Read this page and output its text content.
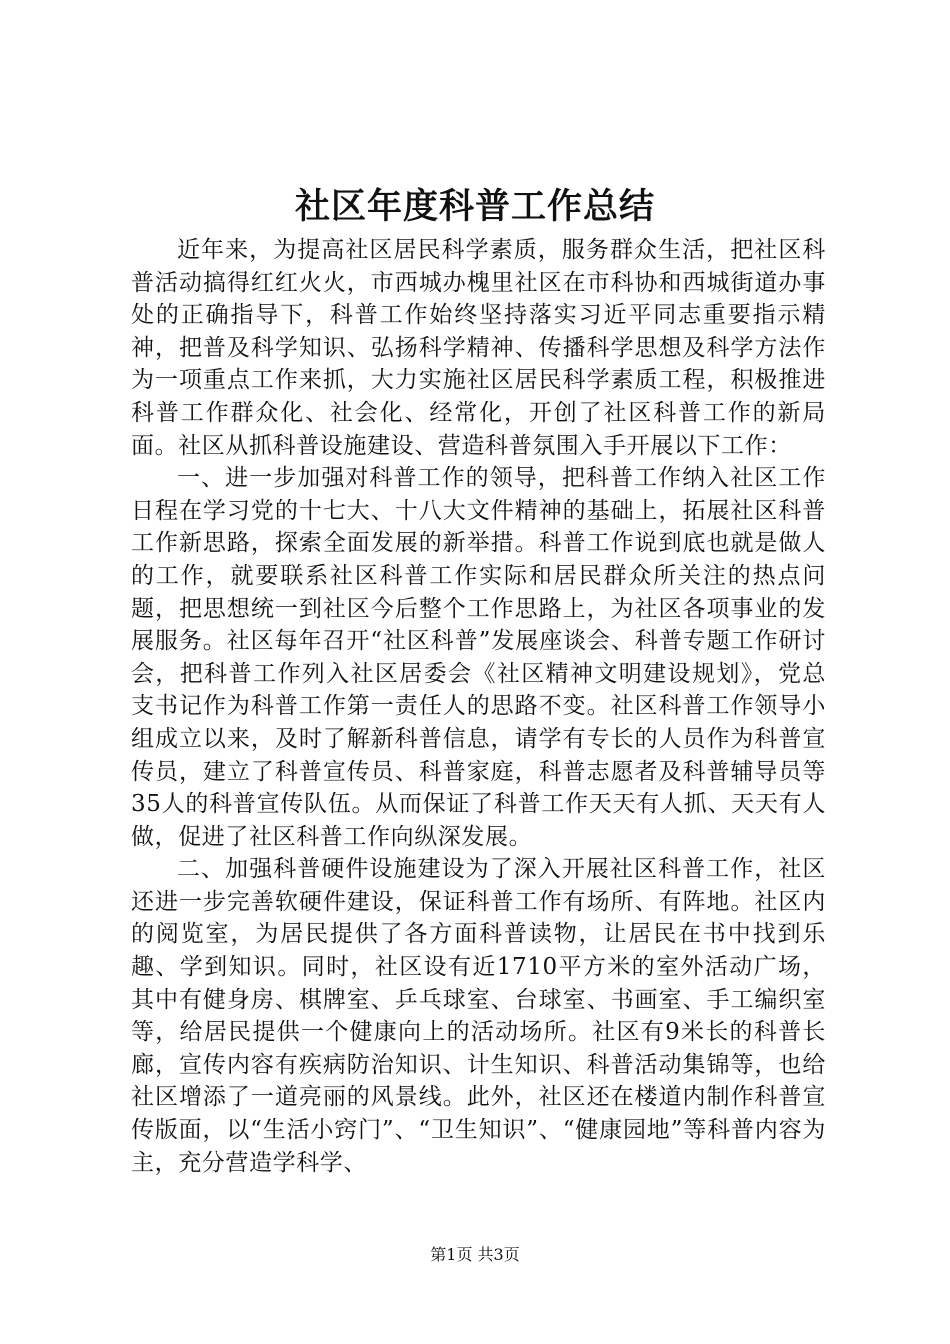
社区年度科普工作总结

近年来，为提高社区居民科学素质，服务群众生活，把社区科普活动搞得红红火火，市西城办槐里社区在市科协和西城街道办事处的正确指导下，科普工作始终坚持落实习近平同志重要指示精神，把普及科学知识、弘扬科学精神、传播科学思想及科学方法作为一项重点工作来抓，大力实施社区居民科学素质工程，积极推进科普工作群众化、社会化、经常化，开创了社区科普工作的新局面。社区从抓科普设施建设、营造科普氛围入手开展以下工作：

一、进一步加强对科普工作的领导，把科普工作纳入社区工作日程在学习党的十七大、十八大文件精神的基础上，拓展社区科普工作新思路，探索全面发展的新举措。科普工作说到底也就是做人的工作，就要联系社区科普工作实际和居民群众所关注的热点问题，把思想统一到社区今后整个工作思路上，为社区各项事业的发展服务。社区每年召开“社区科普”发展座谈会、科普专题工作研讨会，把科普工作列入社区居委会《社区精神文明建设规划》，党总支书记作为科普工作第一责任人的思路不变。社区科普工作领导小组成立以来，及时了解新科普信息，请学有专长的人员作为科普宣传员，建立了科普宣传员、科普家庭，科普志愿者及科普辅导员等35人的科普宣传队伍。从而保证了科普工作天天有人抓、天天有人做，促进了社区科普工作向纵深发展。

二、加强科普硬件设施建设为了深入开展社区科普工作，社区还进一步完善软硬件建设，保证科普工作有场所、有阵地。社区内的阅览室，为居民提供了各方面科普读物，让居民在书中找到乐趣、学到知识。同时，社区设有近1710平方米的室外活动广场，其中有健身房、棋牌室、乒乓球室、台球室、书画室、手工编织室等，给居民提供一个健康向上的活动场所。社区有9米长的科普长廊，宣传内容有疾病防治知识、计生知识、科普活动集锦等，也给社区增添了一道亮丽的风景线。此外，社区还在楼道内制作科普宣传版面，以“生活小窍门”、“卫生知识”、“健康园地”等科普内容为主，充分营造学科学、

第1页 共3页
